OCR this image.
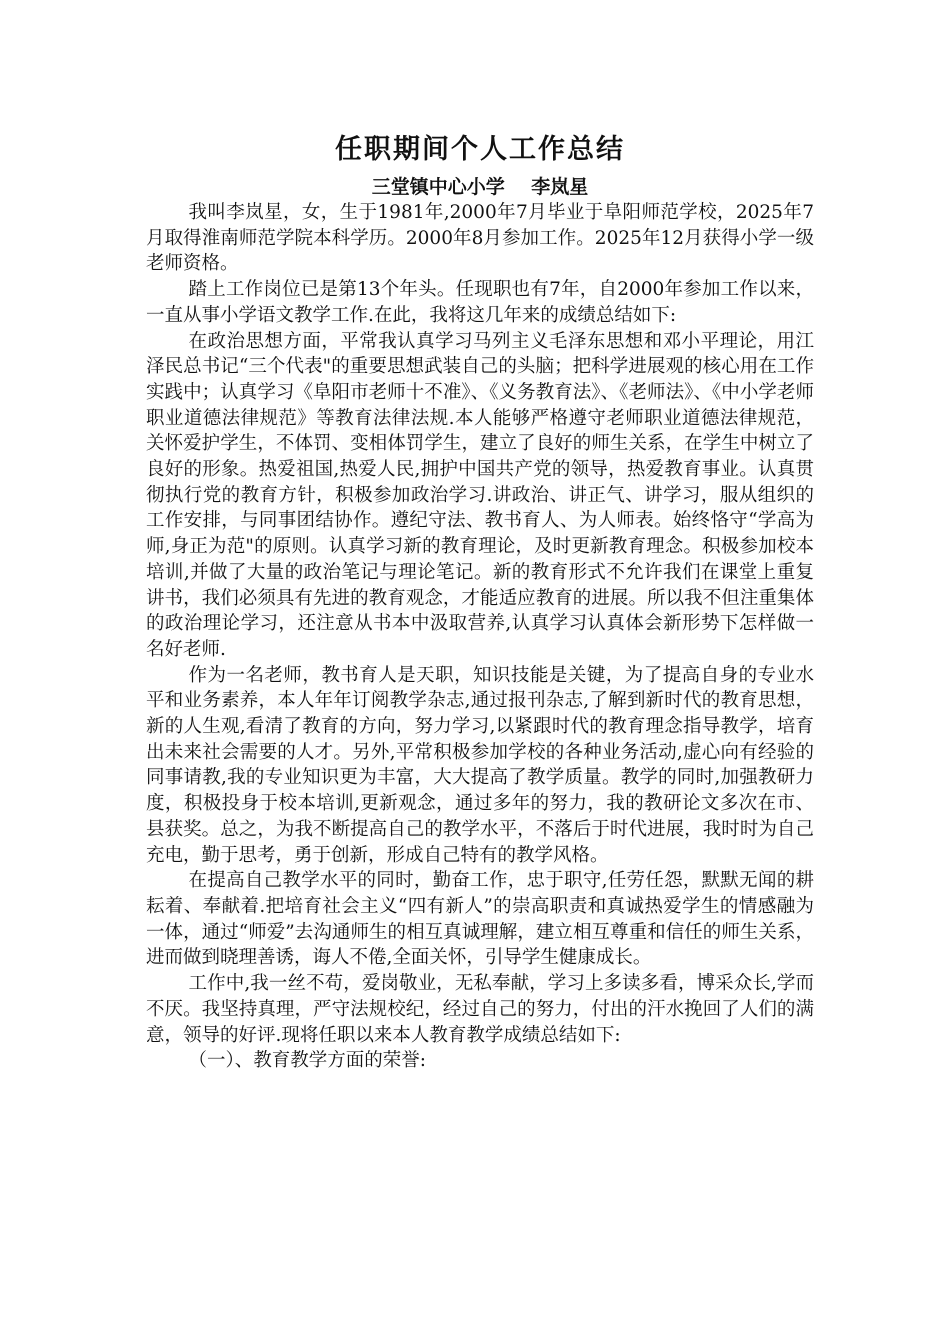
任职期间个人工作总结

三堂镇中心小学    李岚星

我叫李岚星，女，生于1981年,2000年7月毕业于阜阳师范学校，2025年7月取得淮南师范学院本科学历。2000年8月参加工作。2025年12月获得小学一级老师资格。

踏上工作岗位已是第13个年头。任现职也有7年，自2000年参加工作以来，一直从事小学语文教学工作.在此，我将这几年来的成绩总结如下:

在政治思想方面，平常我认真学习马列主义毛泽东思想和邓小平理论，用江泽民总书记“三个代表"的重要思想武装自己的头脑；把科学进展观的核心用在工作实践中；认真学习《阜阳市老师十不准》、《义务教育法》、《老师法》、《中小学老师职业道德法律规范》等教育法律法规.本人能够严格遵守老师职业道德法律规范，关怀爱护学生，不体罚、变相体罚学生，建立了良好的师生关系，在学生中树立了良好的形象。热爱祖国,热爱人民,拥护中国共产党的领导，热爱教育事业。认真贯彻执行党的教育方针，积极参加政治学习.讲政治、讲正气、讲学习，服从组织的工作安排，与同事团结协作。遵纪守法、教书育人、为人师表。始终恪守“学高为师,身正为范"的原则。认真学习新的教育理论，及时更新教育理念。积极参加校本培训,并做了大量的政治笔记与理论笔记。新的教育形式不允许我们在课堂上重复讲书，我们必须具有先进的教育观念，才能适应教育的进展。所以我不但注重集体的政治理论学习，还注意从书本中汲取营养,认真学习认真体会新形势下怎样做一名好老师.

作为一名老师，教书育人是天职，知识技能是关键，为了提高自身的专业水平和业务素养，本人年年订阅教学杂志,通过报刊杂志,了解到新时代的教育思想，新的人生观,看清了教育的方向，努力学习,以紧跟时代的教育理念指导教学，培育出未来社会需要的人才。另外,平常积极参加学校的各种业务活动,虚心向有经验的同事请教,我的专业知识更为丰富，大大提高了教学质量。教学的同时,加强教研力度，积极投身于校本培训,更新观念，通过多年的努力，我的教研论文多次在市、县获奖。总之，为我不断提高自己的教学水平，不落后于时代进展，我时时为自己充电，勤于思考，勇于创新，形成自己特有的教学风格。

在提高自己教学水平的同时，勤奋工作，忠于职守,任劳任怨，默默无闻的耕耘着、奉献着.把培育社会主义“四有新人”的崇高职责和真诚热爱学生的情感融为一体，通过“师爱”去沟通师生的相互真诚理解，建立相互尊重和信任的师生关系，进而做到晓理善诱，诲人不倦,全面关怀，引导学生健康成长。

工作中,我一丝不苟，爱岗敬业，无私奉献，学习上多读多看，博采众长,学而不厌。我坚持真理，严守法规校纪，经过自己的努力，付出的汗水挽回了人们的满意，领导的好评.现将任职以来本人教育教学成绩总结如下:

（一）、教育教学方面的荣誉:
